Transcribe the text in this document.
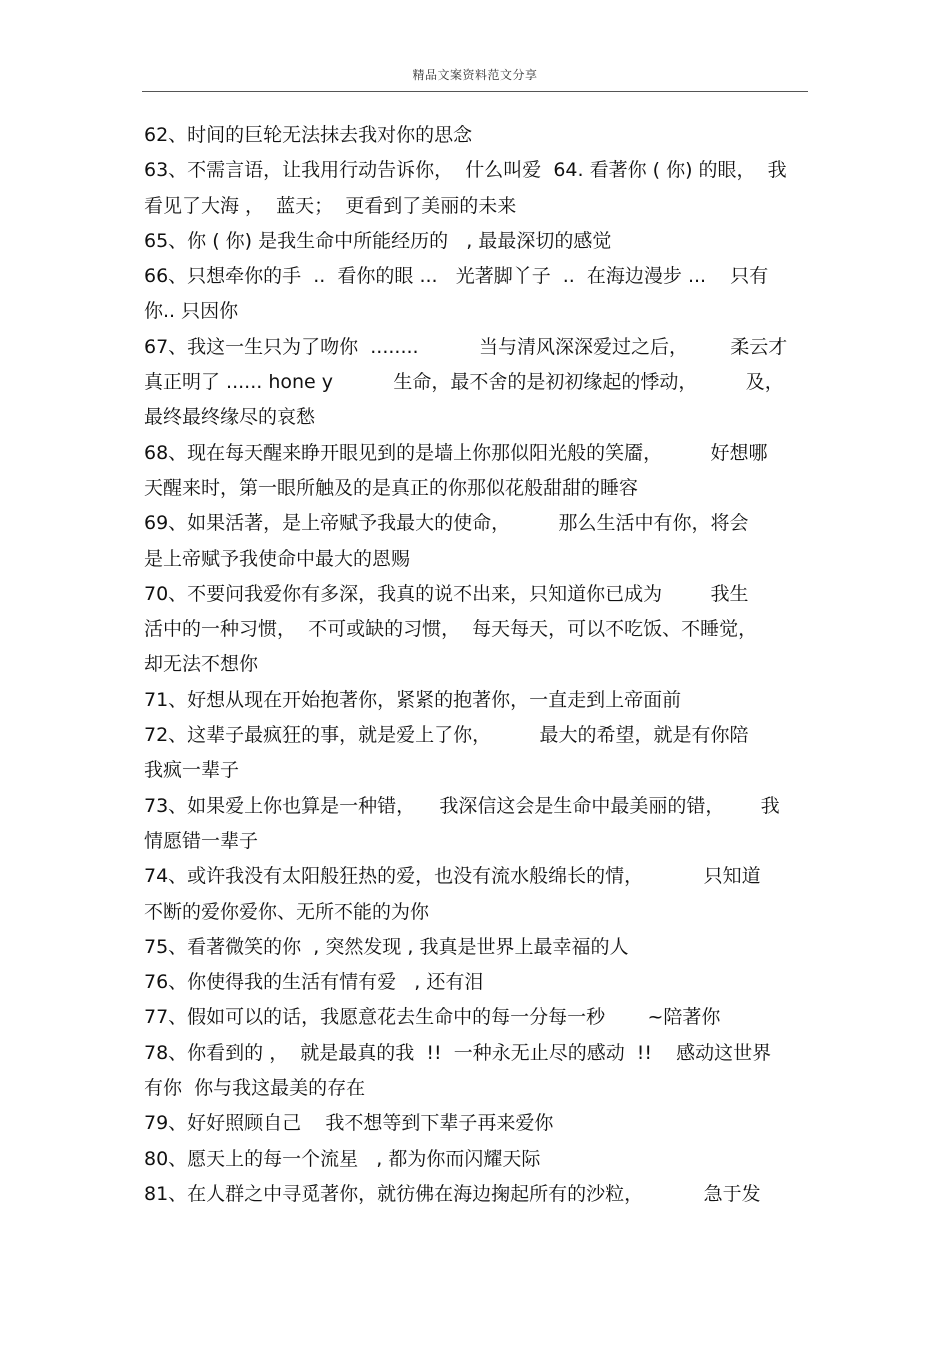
精品文案资料范文分享
62、时间的巨轮无法抹去我对你的思念
63、不需言语，让我用行动告诉你，  什么叫爱  64. 看著你 ( 你) 的眼，  我
看见了大海 ，  蓝天；  更看到了美丽的未来
65、你 ( 你) 是我生命中所能经历的   , 最最深切的感觉
66、只想牵你的手  ..  看你的眼 ...   光著脚丫子  ..  在海边漫步 ...    只有
你.. 只因你
67、我这一生只为了吻你  ........          当与清风深深爱过之后，       柔云才
真正明了 ...... hone y          生命，最不舍的是初初缘起的悸动，        及，
最终最终缘尽的哀愁
68、现在每天醒来睁开眼见到的是墙上你那似阳光般的笑靥，        好想哪
天醒来时，第一眼所触及的是真正的你那似花般甜甜的睡容
69、如果活著，是上帝赋予我最大的使命，        那么生活中有你，将会
是上帝赋予我使命中最大的恩赐
70、不要问我爱你有多深，我真的说不出来，只知道你已成为        我生
活中的一种习惯，  不可或缺的习惯，  每天每天，可以不吃饭、不睡觉，
却无法不想你
71、好想从现在开始抱著你，紧紧的抱著你，一直走到上帝面前
72、这辈子最疯狂的事，就是爱上了你，        最大的希望，就是有你陪
我疯一辈子
73、如果爱上你也算是一种错，    我深信这会是生命中最美丽的错，      我
情愿错一辈子
74、或许我没有太阳般狂热的爱，也没有流水般绵长的情，          只知道
不断的爱你爱你、无所不能的为你
75、看著微笑的你  , 突然发现 , 我真是世界上最幸福的人
76、你使得我的生活有情有爱   , 还有泪
77、假如可以的话，我愿意花去生命中的每一分每一秒       ~陪著你
78、你看到的 ，  就是最真的我  !!  一种永无止尽的感动  !!    感动这世界
有你  你与我这最美的存在
79、好好照顾自己    我不想等到下辈子再来爱你
80、愿天上的每一个流星   , 都为你而闪耀天际
81、在人群之中寻觅著你，就彷佛在海边掬起所有的沙粒，          急于发
